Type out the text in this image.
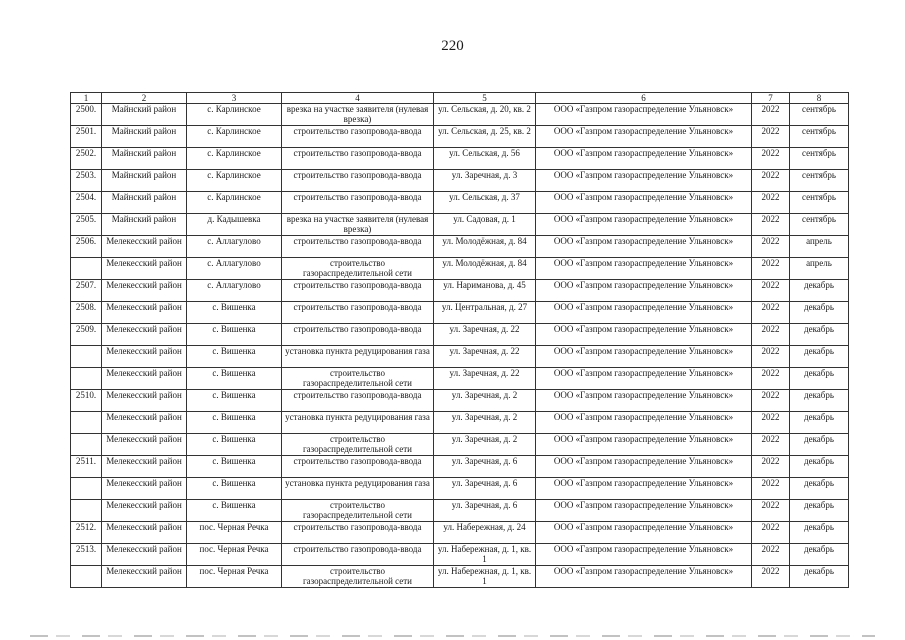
220
1	2	3	4	5	6	7	8
2500.	Майнский район	с. Карлинское	врезка на участке заявителя (нулевая врезка)	ул. Сельская, д. 20, кв. 2	ООО «Газпром газораспределение Ульяновск»	2022	сентябрь
2501.	Майнский район	с. Карлинское	строительство газопровода-ввода	ул. Сельская, д. 25, кв. 2	ООО «Газпром газораспределение Ульяновск»	2022	сентябрь
2502.	Майнский район	с. Карлинское	строительство газопровода-ввода	ул. Сельская, д. 56	ООО «Газпром газораспределение Ульяновск»	2022	сентябрь
2503.	Майнский район	с. Карлинское	строительство газопровода-ввода	ул. Заречная, д. 3	ООО «Газпром газораспределение Ульяновск»	2022	сентябрь
2504.	Майнский район	с. Карлинское	строительство газопровода-ввода	ул. Сельская, д. 37	ООО «Газпром газораспределение Ульяновск»	2022	сентябрь
2505.	Майнский район	д. Кадышевка	врезка на участке заявителя (нулевая врезка)	ул. Садовая, д. 1	ООО «Газпром газораспределение Ульяновск»	2022	сентябрь
2506.	Мелекесский район	с. Аллагулово	строительство газопровода-ввода	ул. Молодёжная, д. 84	ООО «Газпром газораспределение Ульяновск»	2022	апрель
	Мелекесский район	с. Аллагулово	строительство газораспределительной сети	ул. Молодёжная, д. 84	ООО «Газпром газораспределение Ульяновск»	2022	апрель
2507.	Мелекесский район	с. Аллагулово	строительство газопровода-ввода	ул. Нариманова, д. 45	ООО «Газпром газораспределение Ульяновск»	2022	декабрь
2508.	Мелекесский район	с. Вишенка	строительство газопровода-ввода	ул. Центральная, д. 27	ООО «Газпром газораспределение Ульяновск»	2022	декабрь
2509.	Мелекесский район	с. Вишенка	строительство газопровода-ввода	ул. Заречная, д. 22	ООО «Газпром газораспределение Ульяновск»	2022	декабрь
	Мелекесский район	с. Вишенка	установка пункта редуцирования газа	ул. Заречная, д. 22	ООО «Газпром газораспределение Ульяновск»	2022	декабрь
	Мелекесский район	с. Вишенка	строительство газораспределительной сети	ул. Заречная, д. 22	ООО «Газпром газораспределение Ульяновск»	2022	декабрь
2510.	Мелекесский район	с. Вишенка	строительство газопровода-ввода	ул. Заречная, д. 2	ООО «Газпром газораспределение Ульяновск»	2022	декабрь
	Мелекесский район	с. Вишенка	установка пункта редуцирования газа	ул. Заречная, д. 2	ООО «Газпром газораспределение Ульяновск»	2022	декабрь
	Мелекесский район	с. Вишенка	строительство газораспределительной сети	ул. Заречная, д. 2	ООО «Газпром газораспределение Ульяновск»	2022	декабрь
2511.	Мелекесский район	с. Вишенка	строительство газопровода-ввода	ул. Заречная, д. 6	ООО «Газпром газораспределение Ульяновск»	2022	декабрь
	Мелекесский район	с. Вишенка	установка пункта редуцирования газа	ул. Заречная, д. 6	ООО «Газпром газораспределение Ульяновск»	2022	декабрь
	Мелекесский район	с. Вишенка	строительство газораспределительной сети	ул. Заречная, д. 6	ООО «Газпром газораспределение Ульяновск»	2022	декабрь
2512.	Мелекесский район	пос. Черная Речка	строительство газопровода-ввода	ул. Набережная, д. 24	ООО «Газпром газораспределение Ульяновск»	2022	декабрь
2513.	Мелекесский район	пос. Черная Речка	строительство газопровода-ввода	ул. Набережная, д. 1, кв. 1	ООО «Газпром газораспределение Ульяновск»	2022	декабрь
	Мелекесский район	пос. Черная Речка	строительство газораспределительной сети	ул. Набережная, д. 1, кв. 1	ООО «Газпром газораспределение Ульяновск»	2022	декабрь
